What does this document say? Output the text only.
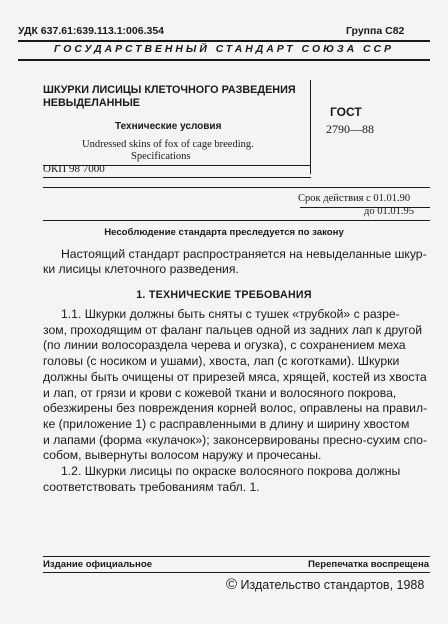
УДК 637.61:639.113.1:006.354	Группа С82
ГОСУДАРСТВЕННЫЙ СТАНДАРТ СОЮЗА ССР
ШКУРКИ ЛИСИЦЫ КЛЕТОЧНОГО РАЗВЕДЕНИЯ
НЕВЫДЕЛАННЫЕ
ГОСТ
2790—88
Технические условия
Undressed skins of fox of cage breeding.
Specifications
ОКП 98 7000
Срок действия с 01.01.90
до 01.01.95
Несоблюдение стандарта преследуется по закону
Настоящий стандарт распространяется на невыделанные шкур-
ки лисицы клеточного разведения.
1. ТЕХНИЧЕСКИЕ ТРЕБОВАНИЯ
1.1. Шкурки должны быть сняты с тушек «трубкой» с разре-
зом, проходящим от фаланг пальцев одной из задних лап к другой
(по линии волосораздела черева и огузка), с сохранением меха
головы (с носиком и ушами), хвоста, лап (с коготками). Шкурки
должны быть очищены от прирезей мяса, хрящей, костей из хвоста
и лап, от грязи и крови с кожевой ткани и волосяного покрова,
обезжирены без повреждения корней волос, оправлены на правил-
ке (приложение 1) с расправленными в длину и ширину хвостом
и лапами (форма «кулачок»); законсервированы пресно-сухим спо-
собом, вывернуты волосом наружу и прочесаны.
1.2. Шкурки лисицы по окраске волосяного покрова должны
соответствовать требованиям табл. 1.
Издание официальное	Перепечатка воспрещена
© Издательство стандартов, 1988
